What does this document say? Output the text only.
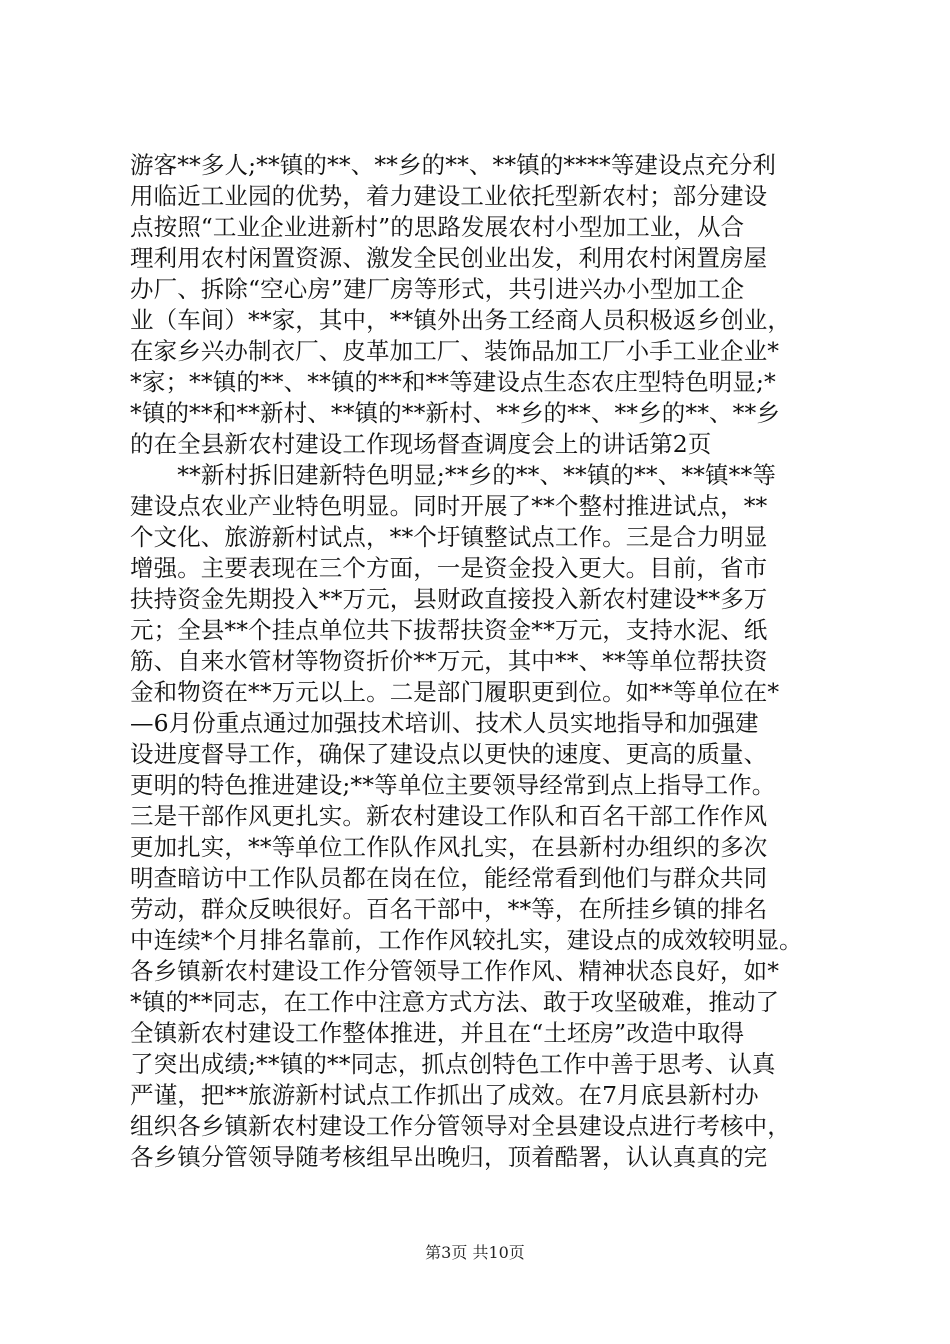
游客**多人;**镇的**、**乡的**、**镇的****等建设点充分利
用临近工业园的优势，着力建设工业依托型新农村；部分建设
点按照“工业企业进新村”的思路发展农村小型加工业，从合
理利用农村闲置资源、激发全民创业出发，利用农村闲置房屋
办厂、拆除“空心房”建厂房等形式，共引进兴办小型加工企
业（车间）**家，其中，**镇外出务工经商人员积极返乡创业，
在家乡兴办制衣厂、皮革加工厂、装饰品加工厂小手工业企业*
*家；**镇的**、**镇的**和**等建设点生态农庄型特色明显;*
*镇的**和**新村、**镇的**新村、**乡的**、**乡的**、**乡
的在全县新农村建设工作现场督查调度会上的讲话第2页
　　**新村拆旧建新特色明显;**乡的**、**镇的**、**镇**等
建设点农业产业特色明显。同时开展了**个整村推进试点，**
个文化、旅游新村试点，**个圩镇整试点工作。三是合力明显
增强。主要表现在三个方面，一是资金投入更大。目前，省市
扶持资金先期投入**万元，县财政直接投入新农村建设**多万
元；全县**个挂点单位共下拔帮扶资金**万元，支持水泥、纸
筋、自来水管材等物资折价**万元，其中**、**等单位帮扶资
金和物资在**万元以上。二是部门履职更到位。如**等单位在*
—6月份重点通过加强技术培训、技术人员实地指导和加强建
设进度督导工作，确保了建设点以更快的速度、更高的质量、
更明的特色推进建设;**等单位主要领导经常到点上指导工作。
三是干部作风更扎实。新农村建设工作队和百名干部工作作风
更加扎实，**等单位工作队作风扎实，在县新村办组织的多次
明查暗访中工作队员都在岗在位，能经常看到他们与群众共同
劳动，群众反映很好。百名干部中，**等，在所挂乡镇的排名
中连续*个月排名靠前，工作作风较扎实，建设点的成效较明显。
各乡镇新农村建设工作分管领导工作作风、精神状态良好，如*
*镇的**同志，在工作中注意方式方法、敢于攻坚破难，推动了
全镇新农村建设工作整体推进，并且在“土坯房”改造中取得
了突出成绩;**镇的**同志，抓点创特色工作中善于思考、认真
严谨，把**旅游新村试点工作抓出了成效。在7月底县新村办
组织各乡镇新农村建设工作分管领导对全县建设点进行考核中，
各乡镇分管领导随考核组早出晚归，顶着酷署，认认真真的完
第3页 共10页
